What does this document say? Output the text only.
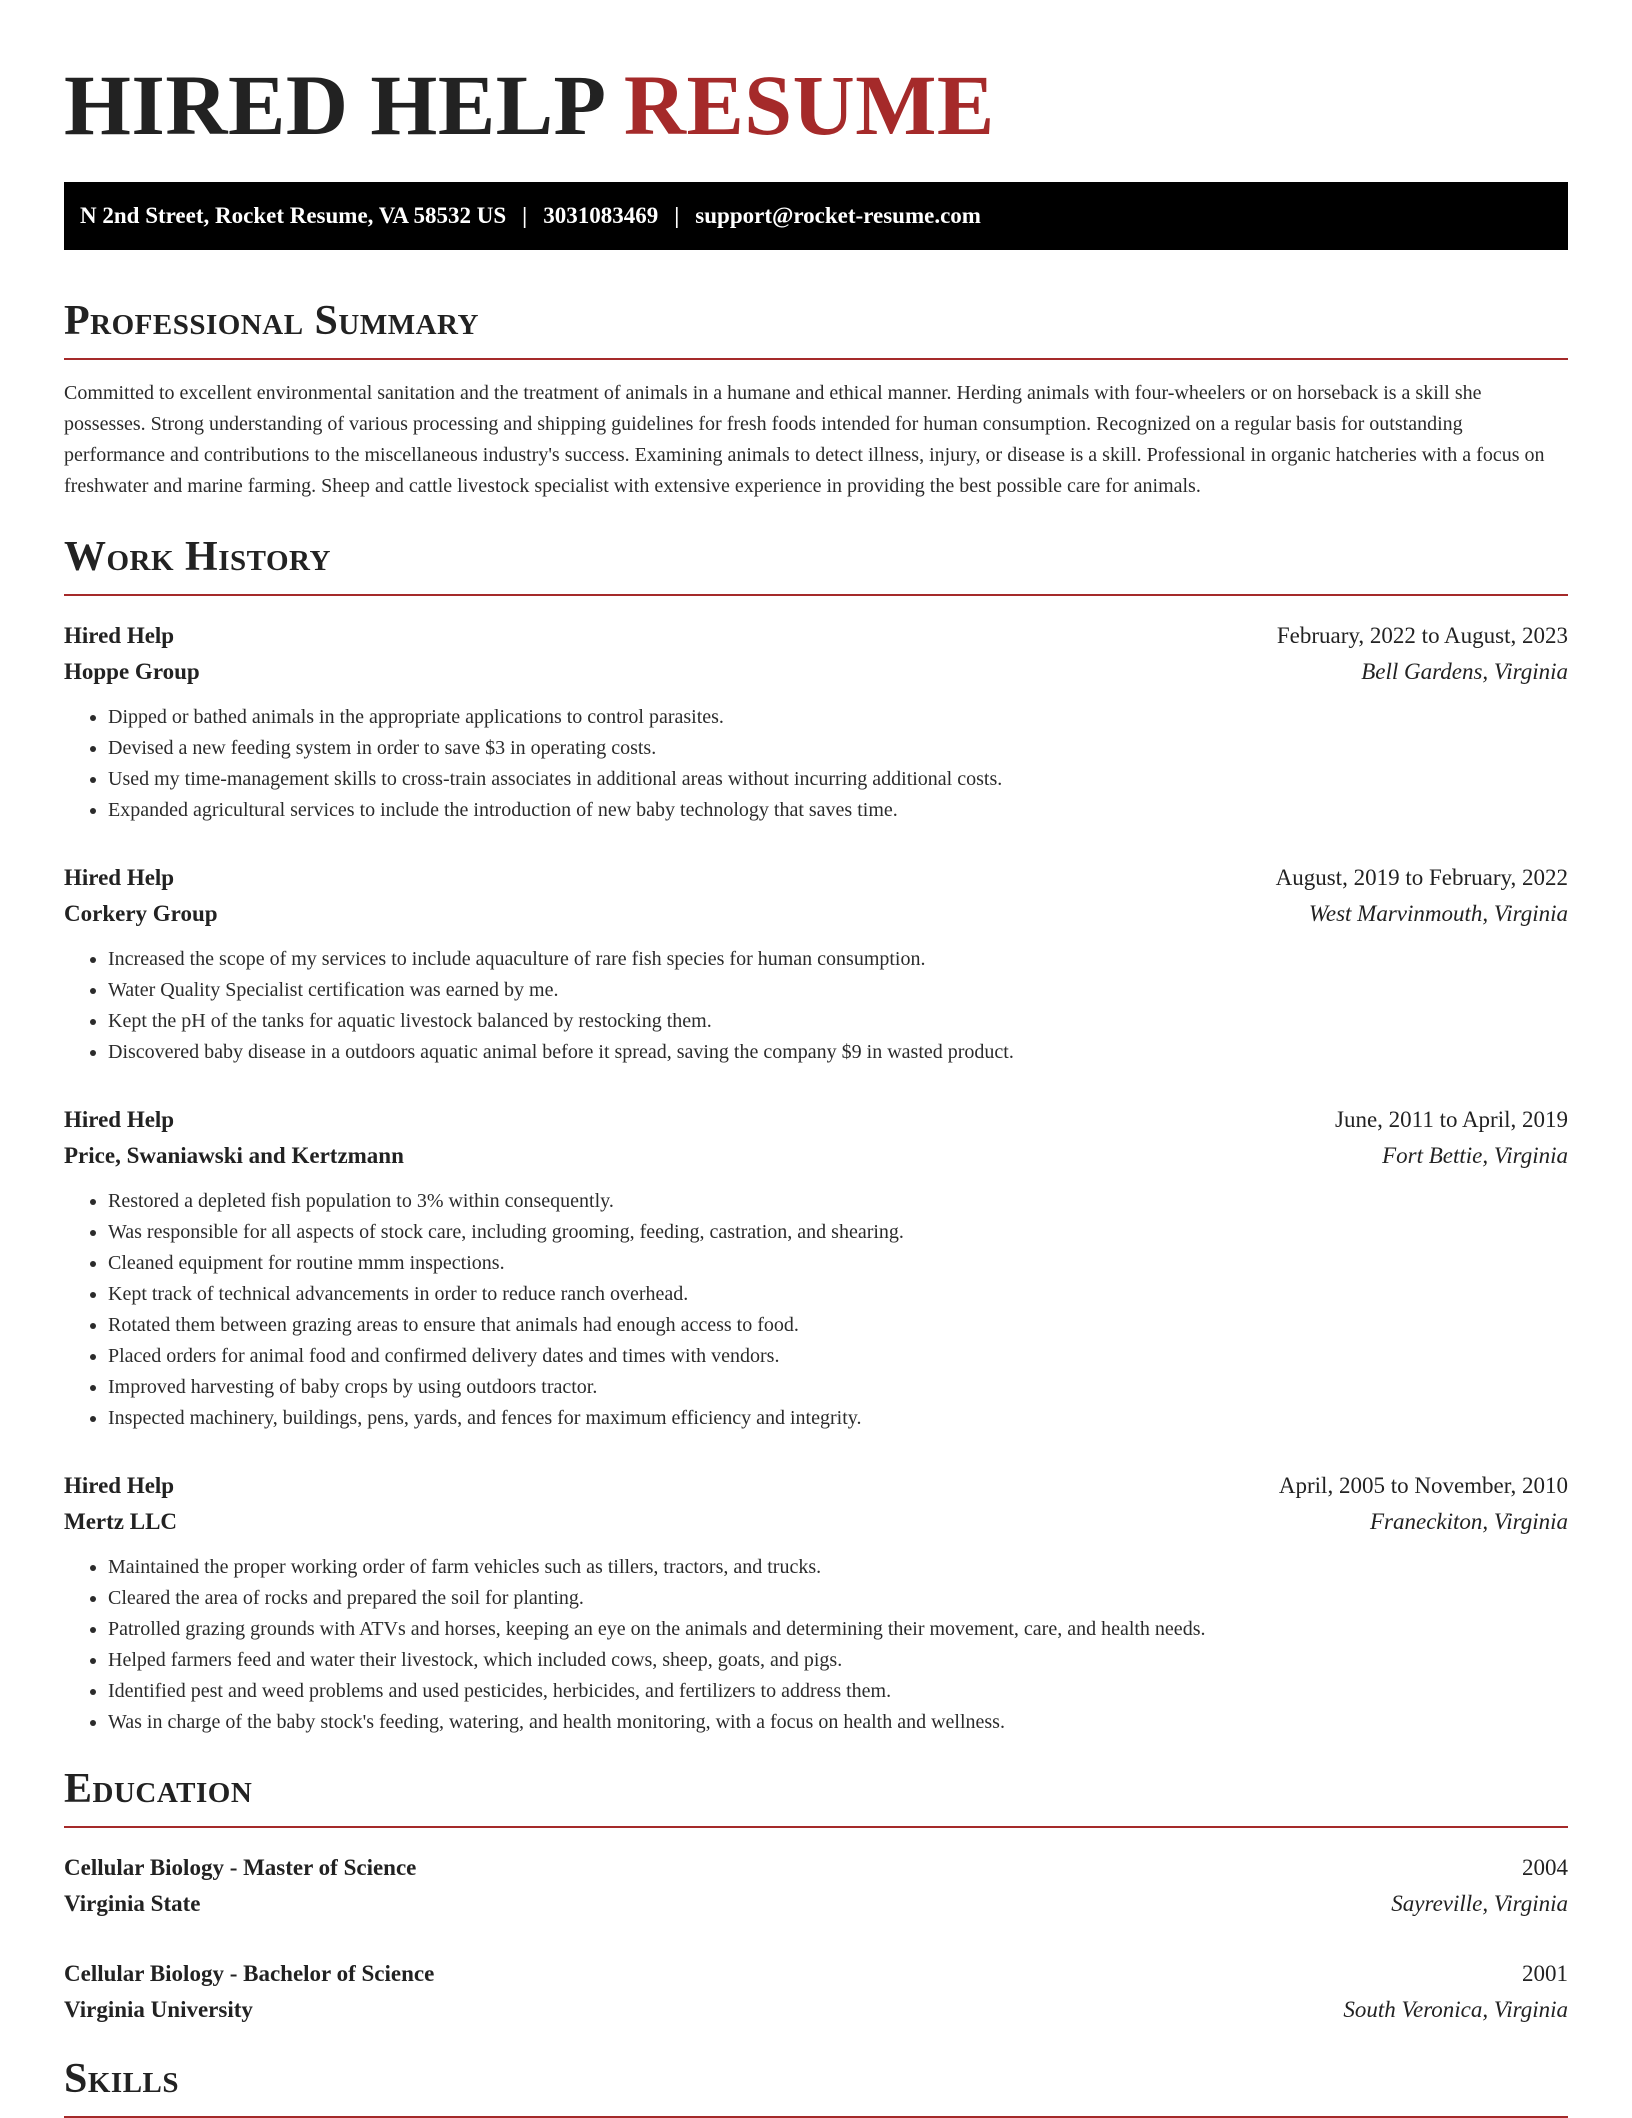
HIRED HELP RESUME
N 2nd Street, Rocket Resume, VA 58532 US | 3031083469 | support@rocket-resume.com
Professional Summary

Committed to excellent environmental sanitation and the treatment of animals in a humane and ethical manner. Herding animals with four-wheelers or on horseback is a skill she possesses. Strong understanding of various processing and shipping guidelines for fresh foods intended for human consumption. Recognized on a regular basis for outstanding performance and contributions to the miscellaneous industry's success. Examining animals to detect illness, injury, or disease is a skill. Professional in organic hatcheries with a focus on freshwater and marine farming. Sheep and cattle livestock specialist with extensive experience in providing the best possible care for animals.

Work History
Hired Help	February, 2022 to August, 2023
Hoppe Group	Bell Gardens, Virginia
• Dipped or bathed animals in the appropriate applications to control parasites.
• Devised a new feeding system in order to save $3 in operating costs.
• Used my time-management skills to cross-train associates in additional areas without incurring additional costs.
• Expanded agricultural services to include the introduction of new baby technology that saves time.
Hired Help	August, 2019 to February, 2022
Corkery Group	West Marvinmouth, Virginia
• Increased the scope of my services to include aquaculture of rare fish species for human consumption.
• Water Quality Specialist certification was earned by me.
• Kept the pH of the tanks for aquatic livestock balanced by restocking them.
• Discovered baby disease in a outdoors aquatic animal before it spread, saving the company $9 in wasted product.
Hired Help	June, 2011 to April, 2019
Price, Swaniawski and Kertzmann	Fort Bettie, Virginia
• Restored a depleted fish population to 3% within consequently.
• Was responsible for all aspects of stock care, including grooming, feeding, castration, and shearing.
• Cleaned equipment for routine mmm inspections.
• Kept track of technical advancements in order to reduce ranch overhead.
• Rotated them between grazing areas to ensure that animals had enough access to food.
• Placed orders for animal food and confirmed delivery dates and times with vendors.
• Improved harvesting of baby crops by using outdoors tractor.
• Inspected machinery, buildings, pens, yards, and fences for maximum efficiency and integrity.
Hired Help	April, 2005 to November, 2010
Mertz LLC	Franeckiton, Virginia
• Maintained the proper working order of farm vehicles such as tillers, tractors, and trucks.
• Cleared the area of rocks and prepared the soil for planting.
• Patrolled grazing grounds with ATVs and horses, keeping an eye on the animals and determining their movement, care, and health needs.
• Helped farmers feed and water their livestock, which included cows, sheep, goats, and pigs.
• Identified pest and weed problems and used pesticides, herbicides, and fertilizers to address them.
• Was in charge of the baby stock's feeding, watering, and health monitoring, with a focus on health and wellness.
Education
Cellular Biology - Master of Science	2004
Virginia State	Sayreville, Virginia
Cellular Biology - Bachelor of Science	2001
Virginia University	South Veronica, Virginia
Skills
